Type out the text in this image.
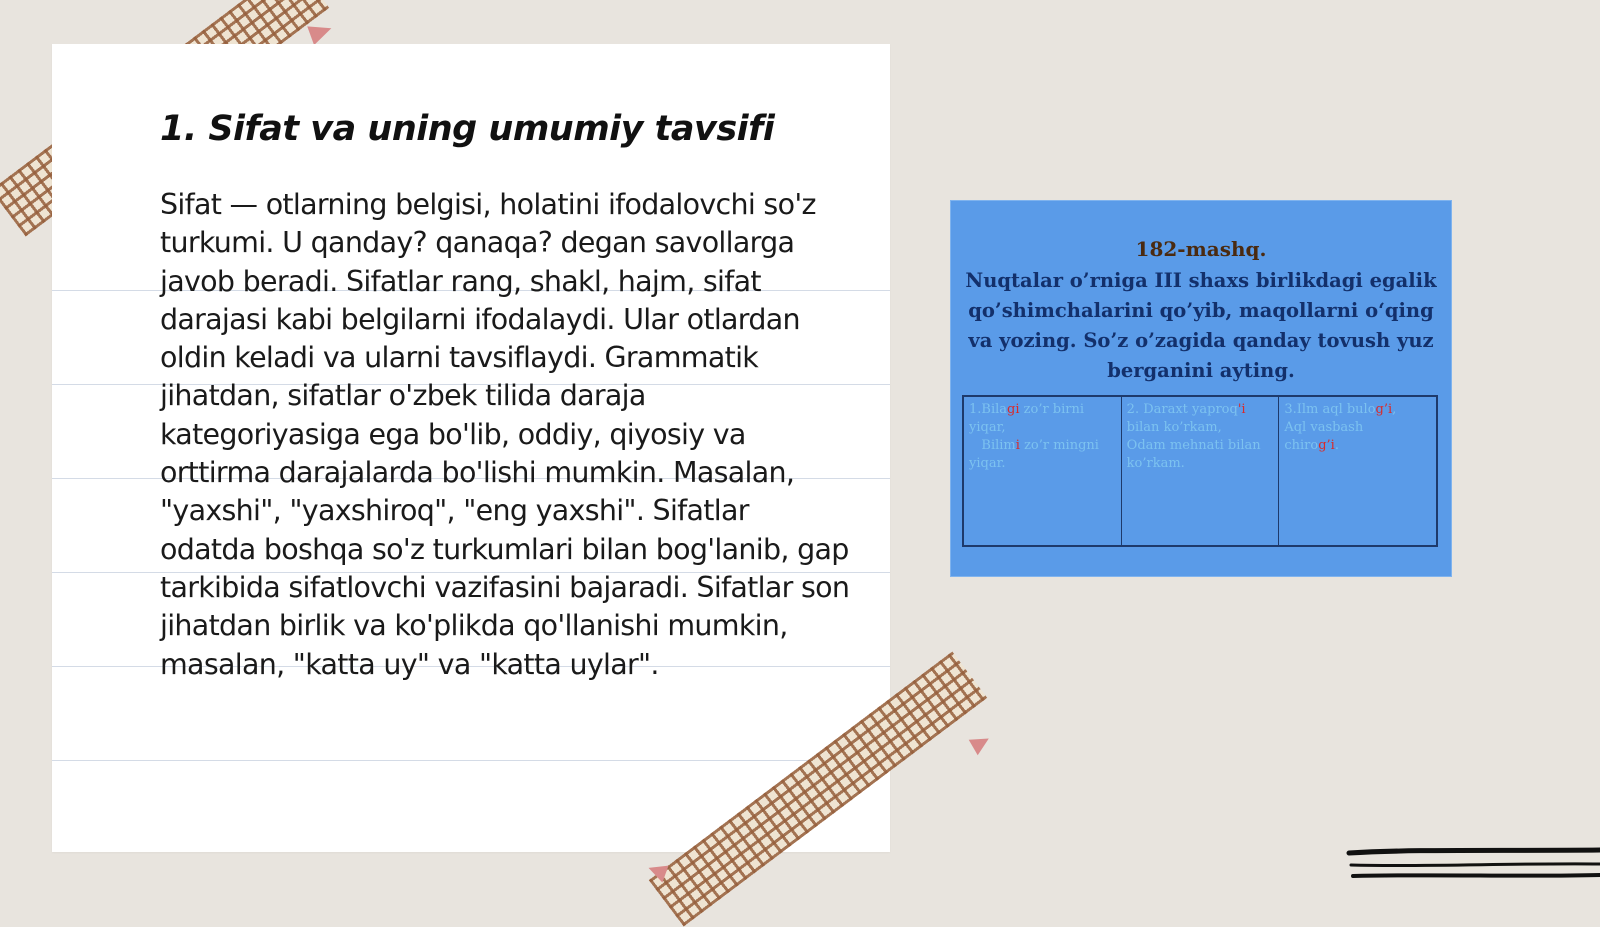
1. Sifat va uning umumiy tavsifi

Sifat — otlarning belgisi, holatini ifodalovchi so'z turkumi. U qanday? qanaqa? degan savollarga javob beradi. Sifatlar rang, shakl, hajm, sifat darajasi kabi belgilarni ifodalaydi. Ular otlardan oldin keladi va ularni tavsiflaydi. Grammatik jihatdan, sifatlar o'zbek tilida daraja kategoriyasiga ega bo'lib, oddiy, qiyosiy va orttirma darajalarda bo'lishi mumkin. Masalan, "yaxshi", "yaxshiroq", "eng yaxshi". Sifatlar odatda boshqa so'z turkumlari bilan bog'lanib, gap tarkibida sifatlovchi vazifasini bajaradi. Sifatlar son jihatdan birlik va ko'plikda qo'llanishi mumkin, masalan, "katta uy" va "katta uylar".

182-mashq.

Nuqtalar o’rniga III shaxs birlikdagi egalik qo’shimchalarini qo’yib, maqollarni o‘qing va yozing. So’z o’zagida qanday tovush yuz berganini ayting.

1.Bilagi zo’r birni
yiqar,
Bilimi zo’r mingni
yiqar.
2. Daraxt yaproq'i
bilan ko’rkam,
Odam mehnati bilan
ko’rkam.
3.Ilm aql bulog’i,
Aql vasbash
chirog’i.
